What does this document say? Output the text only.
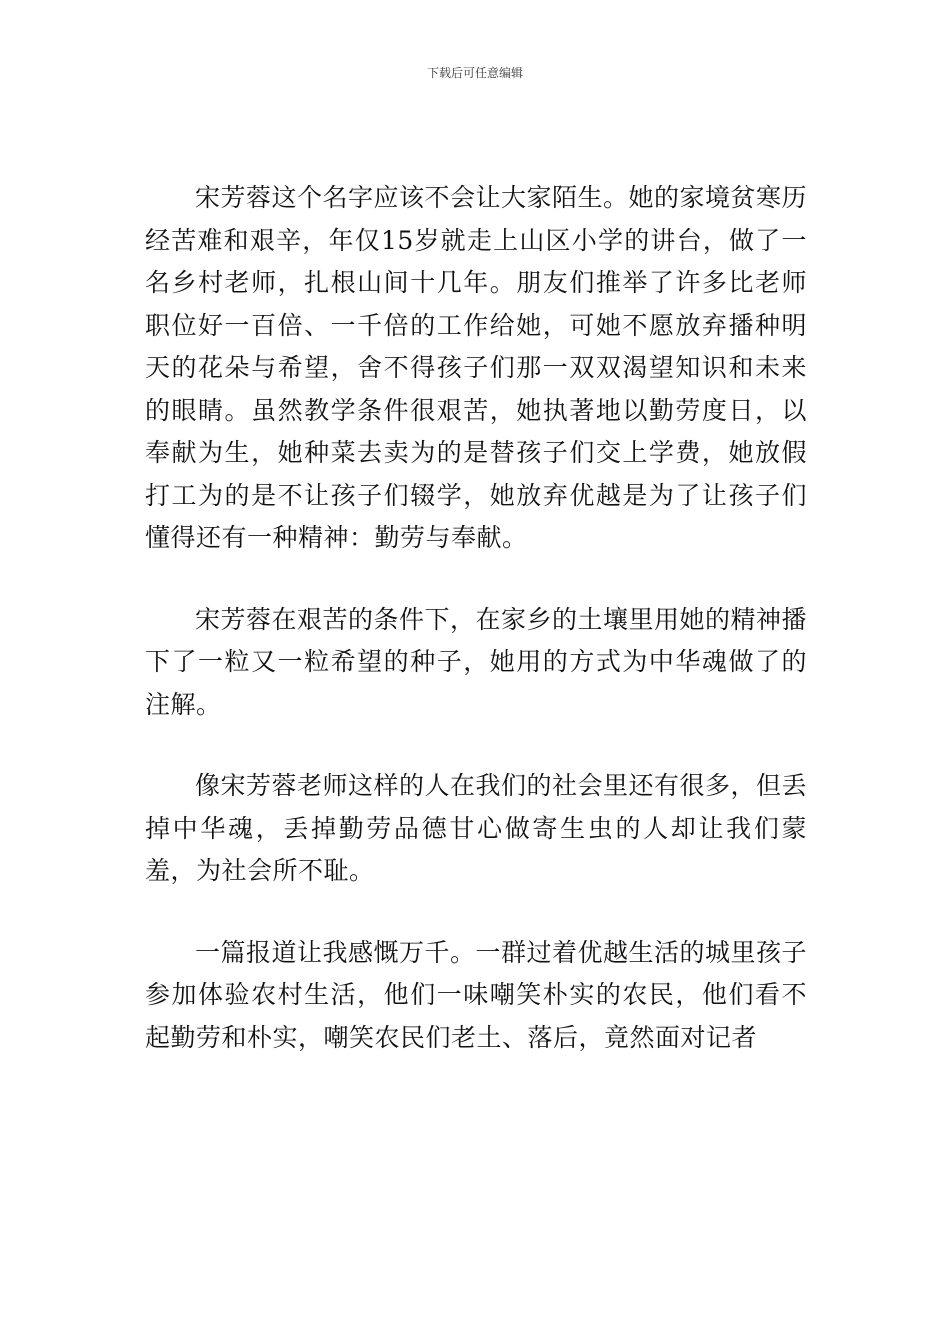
下载后可任意编辑

宋芳蓉这个名字应该不会让大家陌生。她的家境贫寒历经苦难和艰辛，年仅15岁就走上山区小学的讲台，做了一名乡村老师，扎根山间十几年。朋友们推举了许多比老师职位好一百倍、一千倍的工作给她，可她不愿放弃播种明天的花朵与希望，舍不得孩子们那一双双渴望知识和未来的眼睛。虽然教学条件很艰苦，她执著地以勤劳度日，以奉献为生，她种菜去卖为的是替孩子们交上学费，她放假打工为的是不让孩子们辍学，她放弃优越是为了让孩子们懂得还有一种精神：勤劳与奉献。

宋芳蓉在艰苦的条件下，在家乡的土壤里用她的精神播下了一粒又一粒希望的种子，她用的方式为中华魂做了的注解。

像宋芳蓉老师这样的人在我们的社会里还有很多，但丢掉中华魂，丢掉勤劳品德甘心做寄生虫的人却让我们蒙羞，为社会所不耻。

一篇报道让我感慨万千。一群过着优越生活的城里孩子参加体验农村生活，他们一味嘲笑朴实的农民，他们看不起勤劳和朴实，嘲笑农民们老土、落后，竟然面对记者
